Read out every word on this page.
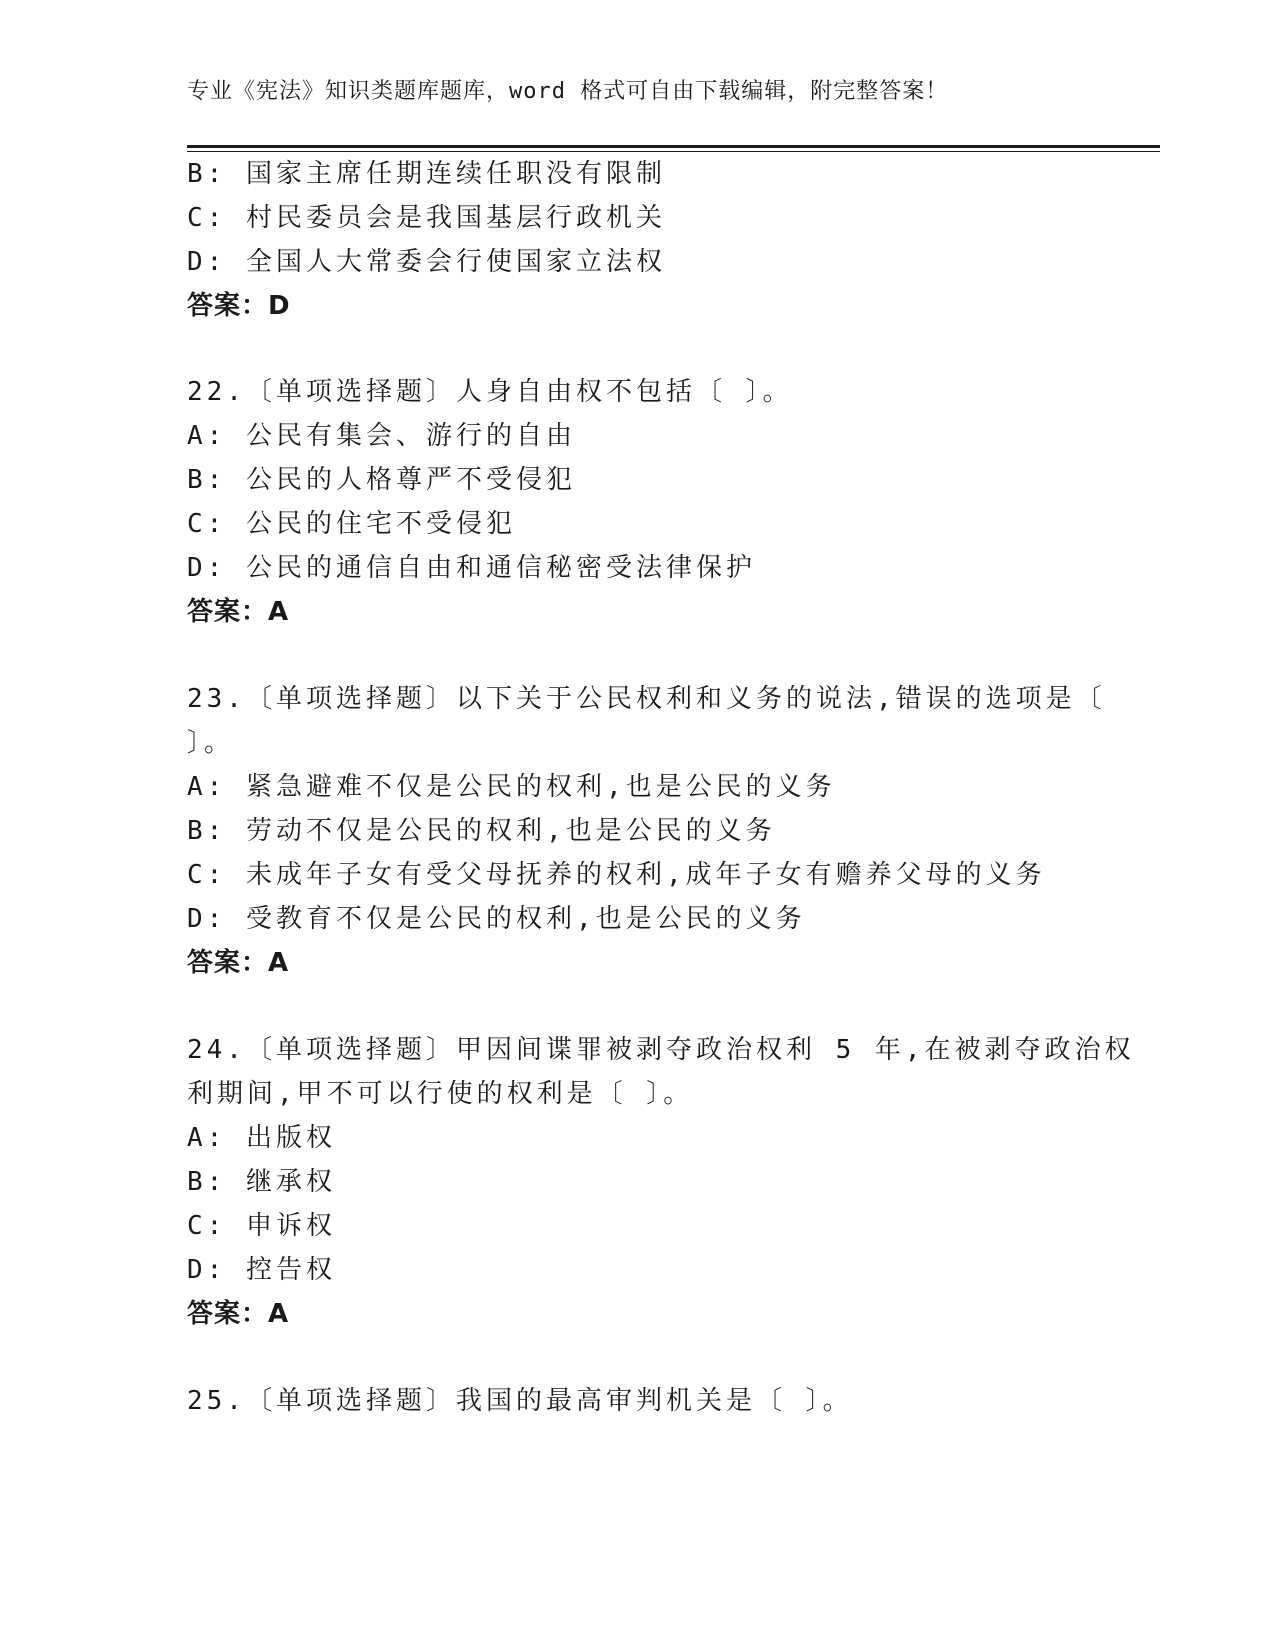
专业《宪法》知识类题库题库，word 格式可自由下载编辑，附完整答案！
B: 国家主席任期连续任职没有限制
C: 村民委员会是我国基层行政机关
D: 全国人大常委会行使国家立法权
答案：D
22.〔单项选择题〕人身自由权不包括〔 〕。
A: 公民有集会、游行的自由
B: 公民的人格尊严不受侵犯
C: 公民的住宅不受侵犯
D: 公民的通信自由和通信秘密受法律保护
答案：A
23.〔单项选择题〕以下关于公民权利和义务的说法,错误的选项是〔
〕。
A: 紧急避难不仅是公民的权利,也是公民的义务
B: 劳动不仅是公民的权利,也是公民的义务
C: 未成年子女有受父母抚养的权利,成年子女有赡养父母的义务
D: 受教育不仅是公民的权利,也是公民的义务
答案：A
24.〔单项选择题〕甲因间谍罪被剥夺政治权利 5 年,在被剥夺政治权
利期间,甲不可以行使的权利是〔 〕。
A: 出版权
B: 继承权
C: 申诉权
D: 控告权
答案：A
25.〔单项选择题〕我国的最高审判机关是〔 〕。
